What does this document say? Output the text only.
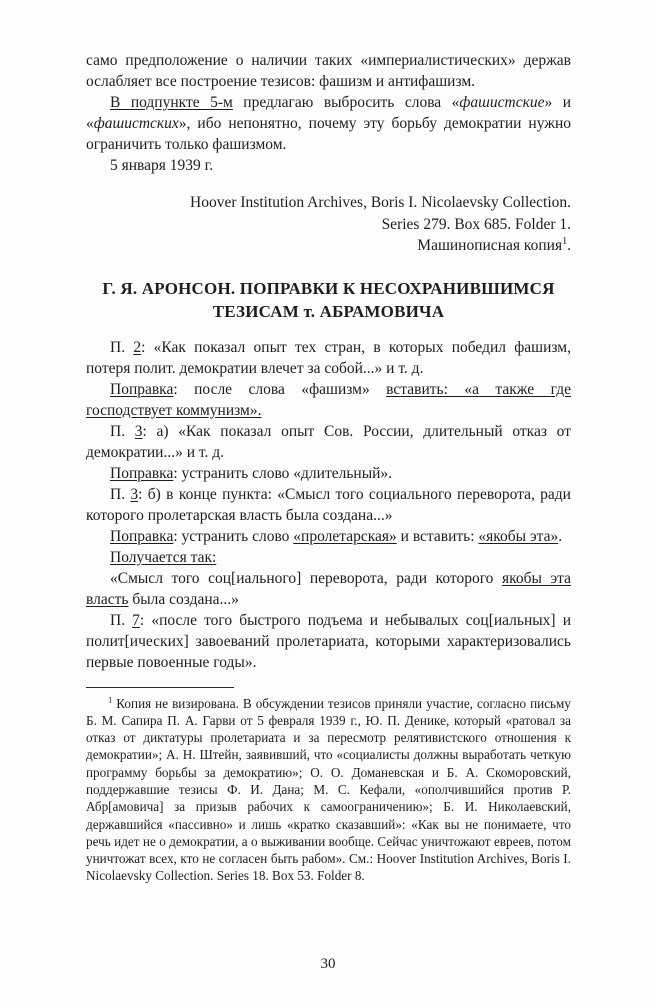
само предположение о наличии таких «империалистических» держав ослабляет все построение тезисов: фашизм и антифашизм.

В подпункте 5-м предлагаю выбросить слова «фашистские» и «фашистских», ибо непонятно, почему эту борьбу демократии нужно ограничить только фашизмом.

5 января 1939 г.

Hoover Institution Archives, Boris I. Nicolaevsky Collection.
Series 279. Box 685. Folder 1.
Машинописная копия$^1$.
Г. Я. АРОНСОН. ПОПРАВКИ К НЕСОХРАНИВШИМСЯ
ТЕЗИСАМ т. АБРАМОВИЧА

П. 2: «Как показал опыт тех стран, в которых победил фашизм, потеря полит. демократии влечет за собой...» и т. д.

Поправка: после слова «фашизм» вставить: «а также где господствует коммунизм».

П. 3: а) «Как показал опыт Сов. России, длительный отказ от демократии...» и т. д.

Поправка: устранить слово «длительный».

П. 3: б) в конце пункта: «Смысл того социального переворота, ради которого пролетарская власть была создана...»

Поправка: устранить слово «пролетарская» и вставить: «якобы эта».

Получается так:

«Смысл того соц[иального] переворота, ради которого якобы эта власть была создана...»

П. 7: «после того быстрого подъема и небывалых соц[иальных] и полит[ических] завоеваний пролетариата, которыми характеризовались первые повоенные годы».

$^1$ Копия не визирована. В обсуждении тезисов приняли участие, согласно письму Б. М. Сапира П. А. Гарви от 5 февраля 1939 г., Ю. П. Денике, который «ратовал за отказ от диктатуры пролетариата и за пересмотр релятивистского отношения к демократии»; А. Н. Штейн, заявивший, что «социалисты должны выработать четкую программу борьбы за демократию»; О. О. Доманевская и Б. А. Скоморовский, поддержавшие тезисы Ф. И. Дана; М. С. Кефали, «ополчившийся против Р. Абр[амовича] за призыв рабочих к самоограничению»; Б. И. Николаевский, державшийся «пассивно» и лишь «кратко сказавший»: «Как вы не понимаете, что речь идет не о демократии, а о выживании вообще. Сейчас уничтожают евреев, потом уничтожат всех, кто не согласен быть рабом». См.: Hoover Institution Archives, Boris I. Nicolaevsky Collection. Series 18. Box 53. Folder 8.

30
